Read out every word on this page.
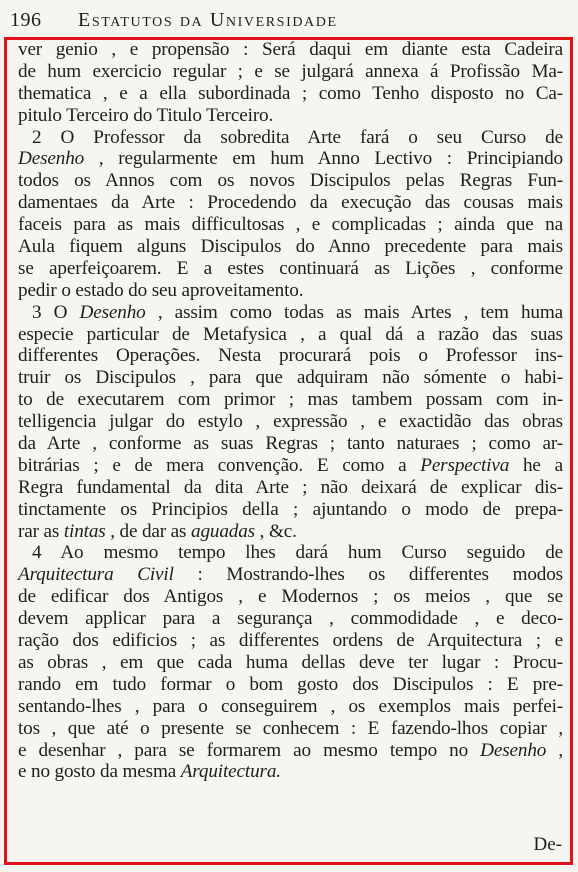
196 Estatutos da Universidade
ver genio , e propensão : Será daqui em diante esta Cadeira
de hum exercicio regular ; e se julgará annexa á Profissão Ma-
thematica , e a ella subordinada ; como Tenho disposto no Ca-
pitulo Terceiro do Titulo Terceiro.
2 O Professor da sobredita Arte fará o seu Curso de
Desenho , regularmente em hum Anno Lectivo : Principiando
todos os Annos com os novos Discipulos pelas Regras Fun-
damentaes da Arte : Procedendo da execução das cousas mais
faceis para as mais difficultosas , e complicadas ; ainda que na
Aula fiquem alguns Discipulos do Anno precedente para mais
se aperfeiçoarem. E a estes continuará as Lições , conforme
pedir o estado do seu aproveitamento.
3 O Desenho , assim como todas as mais Artes , tem huma
especie particular de Metafysica , a qual dá a razão das suas
differentes Operações. Nesta procurará pois o Professor ins-
truir os Discipulos , para que adquiram não sómente o habi-
to de executarem com primor ; mas tambem possam com in-
telligencia julgar do estylo , expressão , e exactidão das obras
da Arte , conforme as suas Regras ; tanto naturaes ; como ar-
bitrárias ; e de mera convenção. E como a Perspectiva he a
Regra fundamental da dita Arte ; não deixará de explicar dis-
tinctamente os Principios della ; ajuntando o modo de prepa-
rar as tintas , de dar as aguadas , &c.
4 Ao mesmo tempo lhes dará hum Curso seguido de
Arquitectura Civil : Mostrando-lhes os differentes modos
de edificar dos Antigos , e Modernos ; os meios , que se
devem applicar para a segurança , commodidade , e deco-
ração dos edificios ; as differentes ordens de Arquitectura ; e
as obras , em que cada huma dellas deve ter lugar : Procu-
rando em tudo formar o bom gosto dos Discipulos : E pre-
sentando-lhes , para o conseguirem , os exemplos mais perfei-
tos , que até o presente se conhecem : E fazendo-lhos copiar ,
e desenhar , para se formarem ao mesmo tempo no Desenho ,
e no gosto da mesma Arquitectura.
De-
